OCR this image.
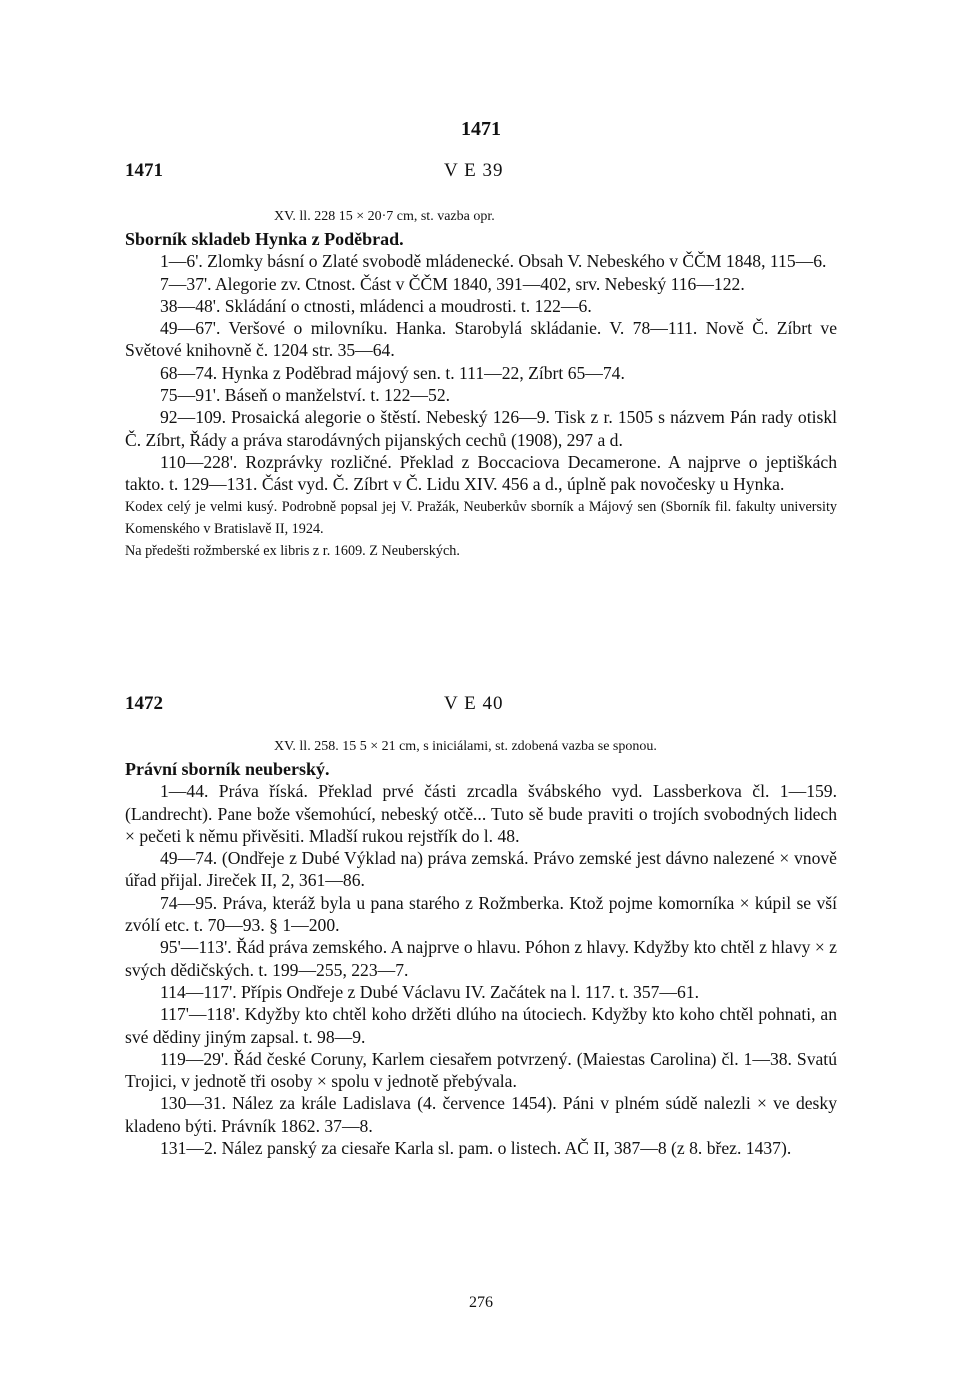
1471
1471	V E 39
XV. ll. 228 15 × 20·7 cm, st. vazba opr.

Sborník skladeb Hynka z Poděbrad.

1—6'. Zlomky básní o Zlaté svobodě mládenecké. Obsah V. Nebeského v ČČM 1848, 115—6.

7—37'. Alegorie zv. Ctnost. Část v ČČM 1840, 391—402, srv. Nebeský 116—122.

38—48'. Skládání o ctnosti, mládenci a moudrosti. t. 122—6.

49—67'. Veršové o milovníku. Hanka. Starobylá skládanie. V. 78—111. Nově Č. Zíbrt ve Světové knihovně č. 1204 str. 35—64.

68—74. Hynka z Poděbrad májový sen. t. 111—22, Zíbrt 65—74.

75—91'. Báseň o manželství. t. 122—52.

92—109. Prosaická alegorie o štěstí. Nebeský 126—9. Tisk z r. 1505 s názvem Pán rady otiskl Č. Zíbrt, Řády a práva starodávných pijanských cechů (1908), 297 a d.

110—228'. Rozprávky rozličné. Překlad z Boccaciova Decamerone. A najprve o jeptiškách takto. t. 129—131. Část vyd. Č. Zíbrt v Č. Lidu XIV. 456 a d., úplně pak novočesky u Hynka.

Kodex celý je velmi kusý. Podrobně popsal jej V. Pražák, Neuberkův sborník a Májový sen (Sborník fil. fakulty university Komenského v Bratislavě II, 1924.

Na předešti rožmberské ex libris z r. 1609. Z Neuberských.

1472	V E 40
XV. ll. 258. 15 5 × 21 cm, s iniciálami, st. zdobená vazba se sponou.

Právní sborník neuberský.

1—44. Práva říská. Překlad prvé části zrcadla švábského vyd. Lassberkova čl. 1—159. (Landrecht). Pane bože všemohúcí, nebeský otčě... Tuto sě bude praviti o trojích svobodných lidech × pečeti k němu přivěsiti. Mladší rukou rejstřík do l. 48.

49—74. (Ondřeje z Dubé Výklad na) práva zemská. Právo zemské jest dávno nalezené × vnově úřad přijal. Jireček II, 2, 361—86.

74—95. Práva, kteráž byla u pana starého z Rožmberka. Ktož pojme komorníka × kúpil se vší zvólí etc. t. 70—93. § 1—200.

95'—113'. Řád práva zemského. A najprve o hlavu. Póhon z hlavy. Kdyžby kto chtěl z hlavy × z svých dědičských. t. 199—255, 223—7.

114—117'. Přípis Ondřeje z Dubé Václavu IV. Začátek na l. 117. t. 357—61.

117'—118'. Kdyžby kto chtěl koho držěti dlúho na útociech. Kdyžby kto koho chtěl pohnati, an své dědiny jiným zapsal. t. 98—9.

119—29'. Řád české Coruny, Karlem ciesařem potvrzený. (Maiestas Carolina) čl. 1—38. Svatú Trojici, v jednotě tři osoby × spolu v jednotě přebývala.

130—31. Nález za krále Ladislava (4. července 1454). Páni v plném súdě nalezli × ve desky kladeno býti. Právník 1862. 37—8.

131—2. Nález panský za ciesaře Karla sl. pam. o listech. AČ II, 387—8 (z 8. břez. 1437).

276
